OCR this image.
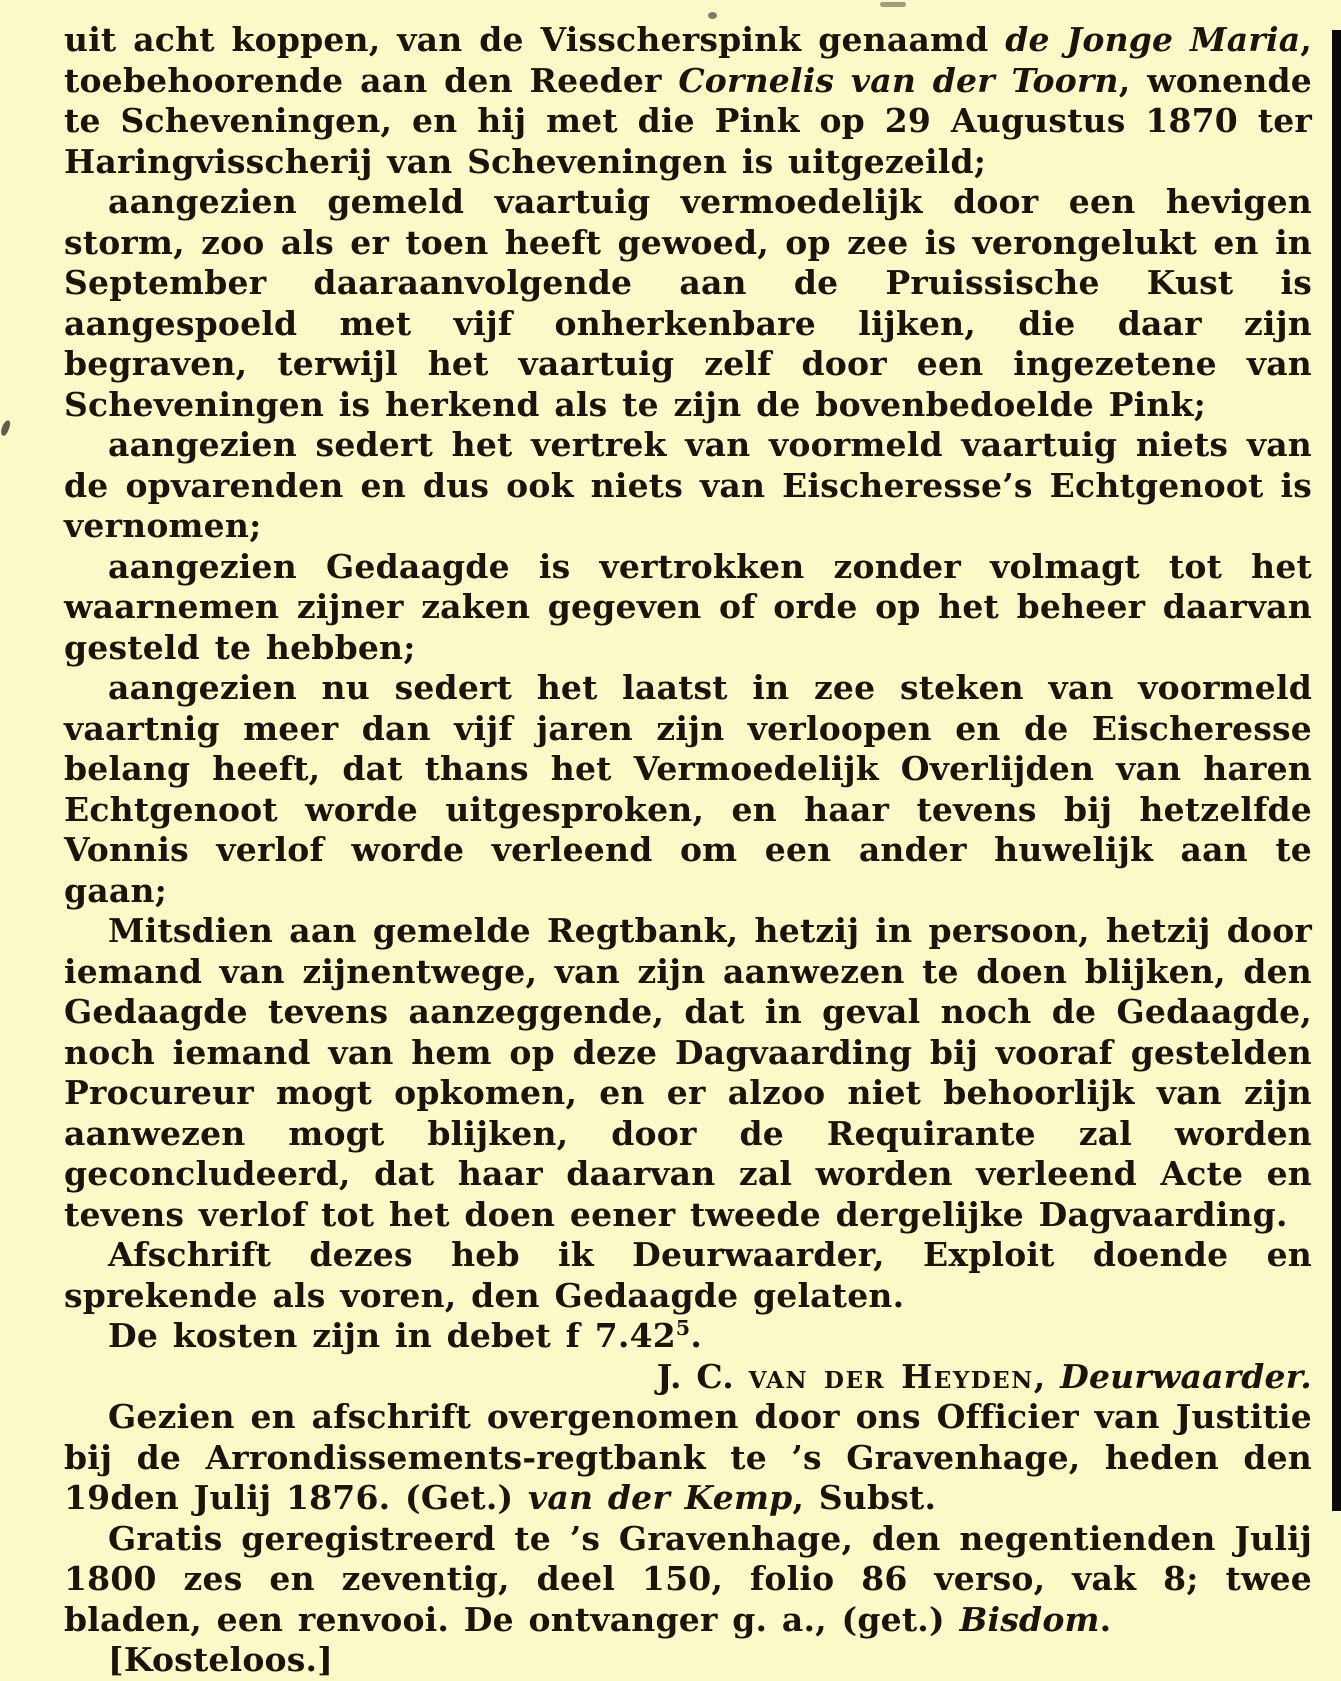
uit acht koppen, van de Visscherspink genaamd de Jonge Maria, toebehoorende aan den Reeder Cornelis van der Toorn, wonende te Scheveningen, en hij met die Pink op 29 Augustus 1870 ter Haringvisscherij van Scheveningen is uitgezeild;

aangezien gemeld vaartuig vermoedelijk door een hevigen storm, zoo als er toen heeft gewoed, op zee is verongelukt en in September daaraanvolgende aan de Pruissische Kust is aangespoeld met vijf onherkenbare lijken, die daar zijn begraven, terwijl het vaartuig zelf door een ingezetene van Scheveningen is herkend als te zijn de bovenbedoelde Pink;

aangezien sedert het vertrek van voormeld vaartuig niets van de opvarenden en dus ook niets van Eischeresse’s Echtgenoot is vernomen;

aangezien Gedaagde is vertrokken zonder volmagt tot het waarnemen zijner zaken gegeven of orde op het beheer daarvan gesteld te hebben;

aangezien nu sedert het laatst in zee steken van voormeld vaartnig meer dan vijf jaren zijn verloopen en de Eischeresse belang heeft, dat thans het Vermoedelijk Overlijden van haren Echtgenoot worde uitgesproken, en haar tevens bij hetzelfde Vonnis verlof worde verleend om een ander huwelijk aan te gaan;

Mitsdien aan gemelde Regtbank, hetzij in persoon, hetzij door iemand van zijnentwege, van zijn aanwezen te doen blijken, den Gedaagde tevens aanzeggende, dat in geval noch de Gedaagde, noch iemand van hem op deze Dagvaarding bij vooraf gestelden Procureur mogt opkomen, en er alzoo niet behoorlijk van zijn aanwezen mogt blijken, door de Requirante zal worden geconcludeerd, dat haar daarvan zal worden verleend Acte en tevens verlof tot het doen eener tweede dergelijke Dagvaarding.

Afschrift dezes heb ik Deurwaarder, Exploit doende en sprekende als voren, den Gedaagde gelaten.

De kosten zijn in debet f 7.42$^5$.

J. C. van der Heyden, Deurwaarder.

Gezien en afschrift overgenomen door ons Officier van Justitie bij de Arrondissements-regtbank te ’s Gravenhage, heden den 19den Julij 1876. (Get.) van der Kemp, Subst.

Gratis geregistreerd te ’s Gravenhage, den negentienden Julij 1800 zes en zeventig, deel 150, folio 86 verso, vak 8; twee bladen, een renvooi. De ontvanger g. a., (get.) Bisdom.

[Kosteloos.]
